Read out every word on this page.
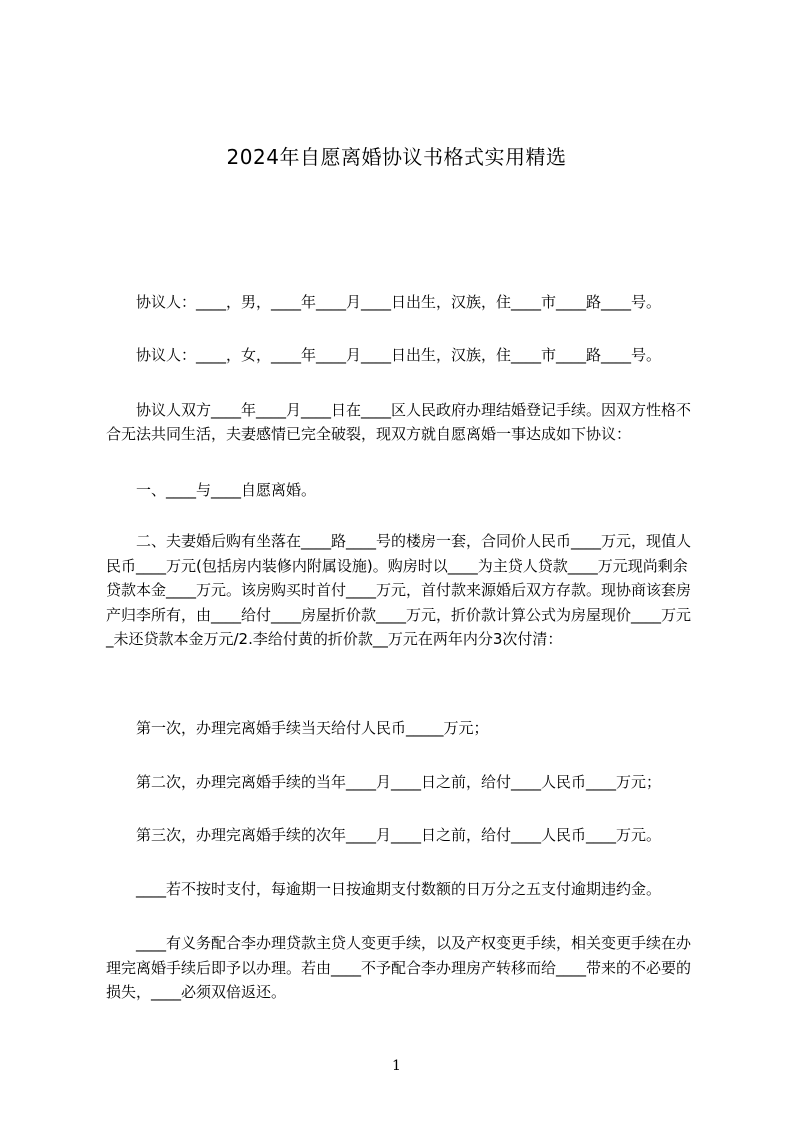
2024年自愿离婚协议书格式实用精选
　　协议人：____，男，____年____月____日出生，汉族，住____市____路____号。
　　协议人：____，女，____年____月____日出生，汉族，住____市____路____号。
　　协议人双方____年____月____日在____区人民政府办理结婚登记手续。因双方性格不合无法共同生活，夫妻感情已完全破裂，现双方就自愿离婚一事达成如下协议：
　　一、____与____自愿离婚。
　　二、夫妻婚后购有坐落在____路____号的楼房一套，合同价人民币____万元，现值人民币____万元(包括房内装修内附属设施)。购房时以____为主贷人贷款____万元现尚剩余贷款本金____万元。该房购买时首付____万元，首付款来源婚后双方存款。现协商该套房产归李所有，由____给付____房屋折价款____万元，折价款计算公式为房屋现价____万元_未还贷款本金万元/2.李给付黄的折价款__万元在两年内分3次付清：
　　第一次，办理完离婚手续当天给付人民币_____万元；
　　第二次，办理完离婚手续的当年____月____日之前，给付____人民币____万元；
　　第三次，办理完离婚手续的次年____月____日之前，给付____人民币____万元。
　　____若不按时支付，每逾期一日按逾期支付数额的日万分之五支付逾期违约金。
　　____有义务配合李办理贷款主贷人变更手续，以及产权变更手续，相关变更手续在办理完离婚手续后即予以办理。若由____不予配合李办理房产转移而给____带来的不必要的损失，____必须双倍返还。
1
